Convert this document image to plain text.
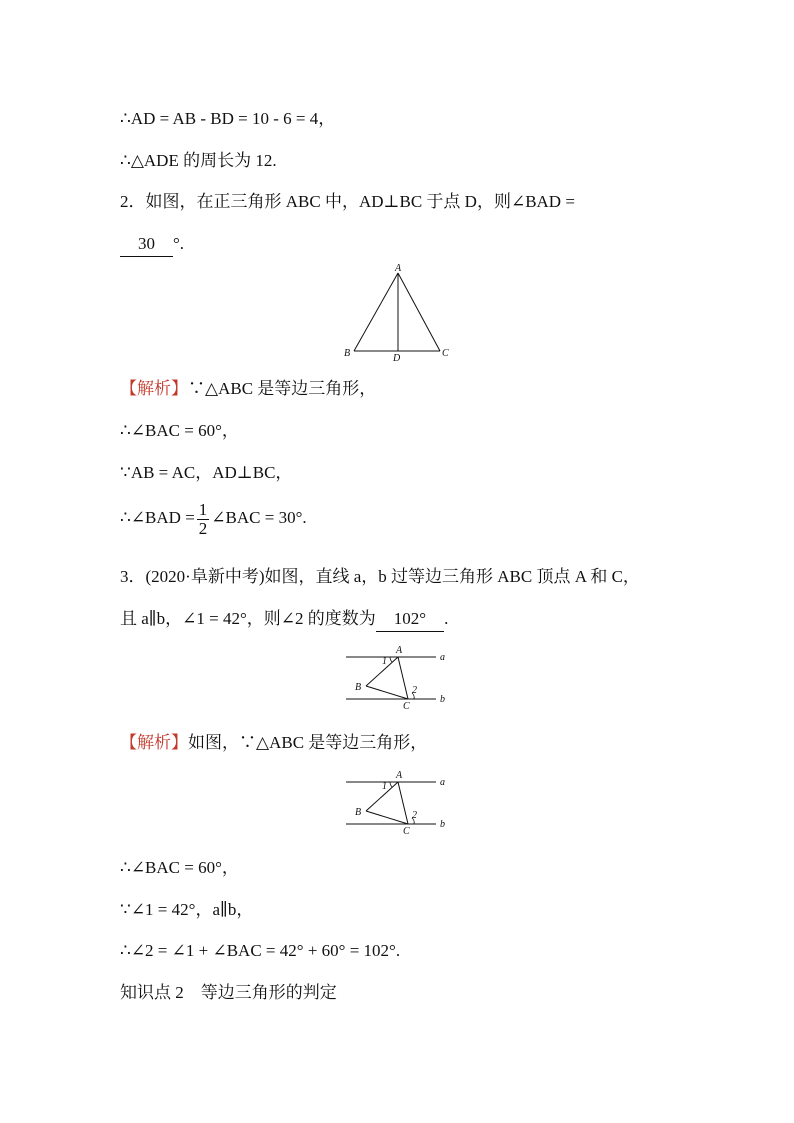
∴AD = AB - BD = 10 - 6 = 4，
∴△ADE 的周长为 12.
2．如图，在正三角形 ABC 中，AD⊥BC 于点 D，则∠BAD =
30 °.
A
B	C
D
【解析】∵△ABC 是等边三角形，
∴∠BAC = 60°，
∵AB = AC，AD⊥BC，
∴∠BAD = $\frac{1}{2}$ ∠BAC = 30°.
3．(2020·阜新中考)如图，直线 a，b 过等边三角形 ABC 顶点 A 和 C，
且 a∥b，∠1 = 42°，则∠2 的度数为 102° .
A
B
C
a
b
1
2
【解析】如图，∵△ABC 是等边三角形，
A
B
C
a
b
1
2
∴∠BAC = 60°，
∵∠1 = 42°，a∥b，
∴∠2 = ∠1 + ∠BAC = 42° + 60° = 102°.
知识点 2　等边三角形的判定
